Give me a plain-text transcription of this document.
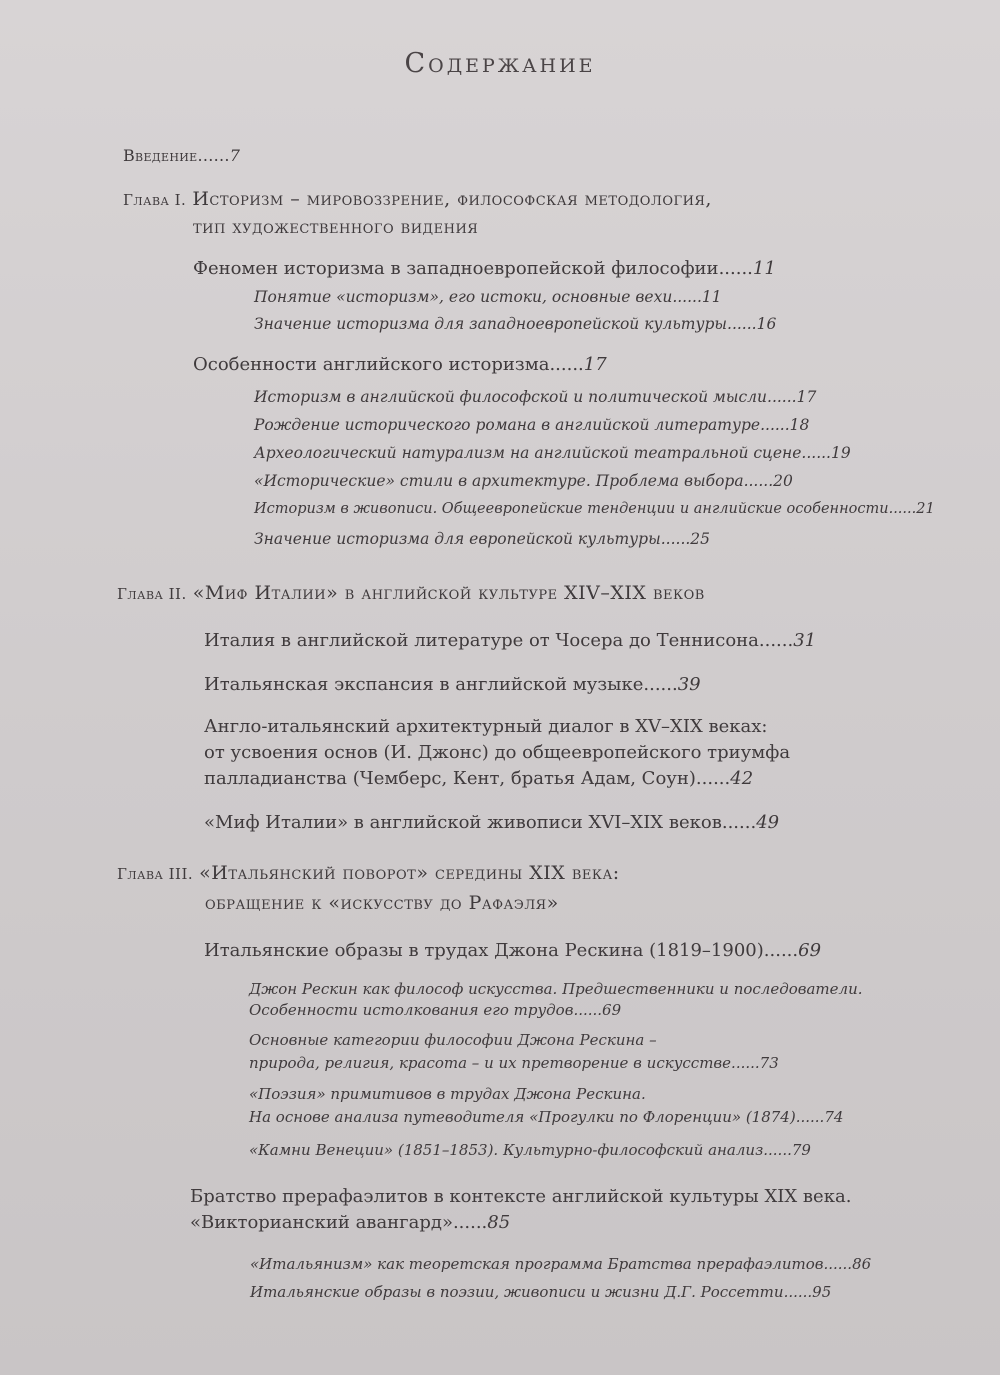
Содержание
Введение......7
Глава I. Историзм – мировоззрение, философская методология,
тип художественного видения
Феномен историзма в западноевропейской философии......11
Понятие «историзм», его истоки, основные вехи......11
Значение историзма для западноевропейской культуры......16
Особенности английского историзма......17
Историзм в английской философской и политической мысли......17
Рождение исторического романа в английской литературе......18
Археологический натурализм на английской театральной сцене......19
«Исторические» стили в архитектуре. Проблема выбора......20
Историзм в живописи. Общеевропейские тенденции и английские особенности......21
Значение историзма для европейской культуры......25
Глава II. «Миф Италии» в английской культуре XIV–XIX веков
Италия в английской литературе от Чосера до Теннисона......31
Итальянская экспансия в английской музыке......39
Англо-итальянский архитектурный диалог в XV–XIX веках:
от усвоения основ (И. Джонс) до общеевропейского триумфа
палладианства (Чемберс, Кент, братья Адам, Соун)......42
«Миф Италии» в английской живописи XVI–XIX веков......49
Глава III. «Итальянский поворот» середины XIX века:
обращение к «искусству до Рафаэля»
Итальянские образы в трудах Джона Рескина (1819–1900)......69
Джон Рескин как философ искусства. Предшественники и последователи.
Особенности истолкования его трудов......69
Основные категории философии Джона Рескина –
природа, религия, красота – и их претворение в искусстве......73
«Поэзия» примитивов в трудах Джона Рескина.
На основе анализа путеводителя «Прогулки по Флоренции» (1874)......74
«Камни Венеции» (1851–1853). Культурно-философский анализ......79
Братство прерафаэлитов в контексте английской культуры XIX века.
«Викторианский авангард»......85
«Итальянизм» как теоретская программа Братства прерафаэлитов......86
Итальянские образы в поэзии, живописи и жизни Д.Г. Россетти......95
